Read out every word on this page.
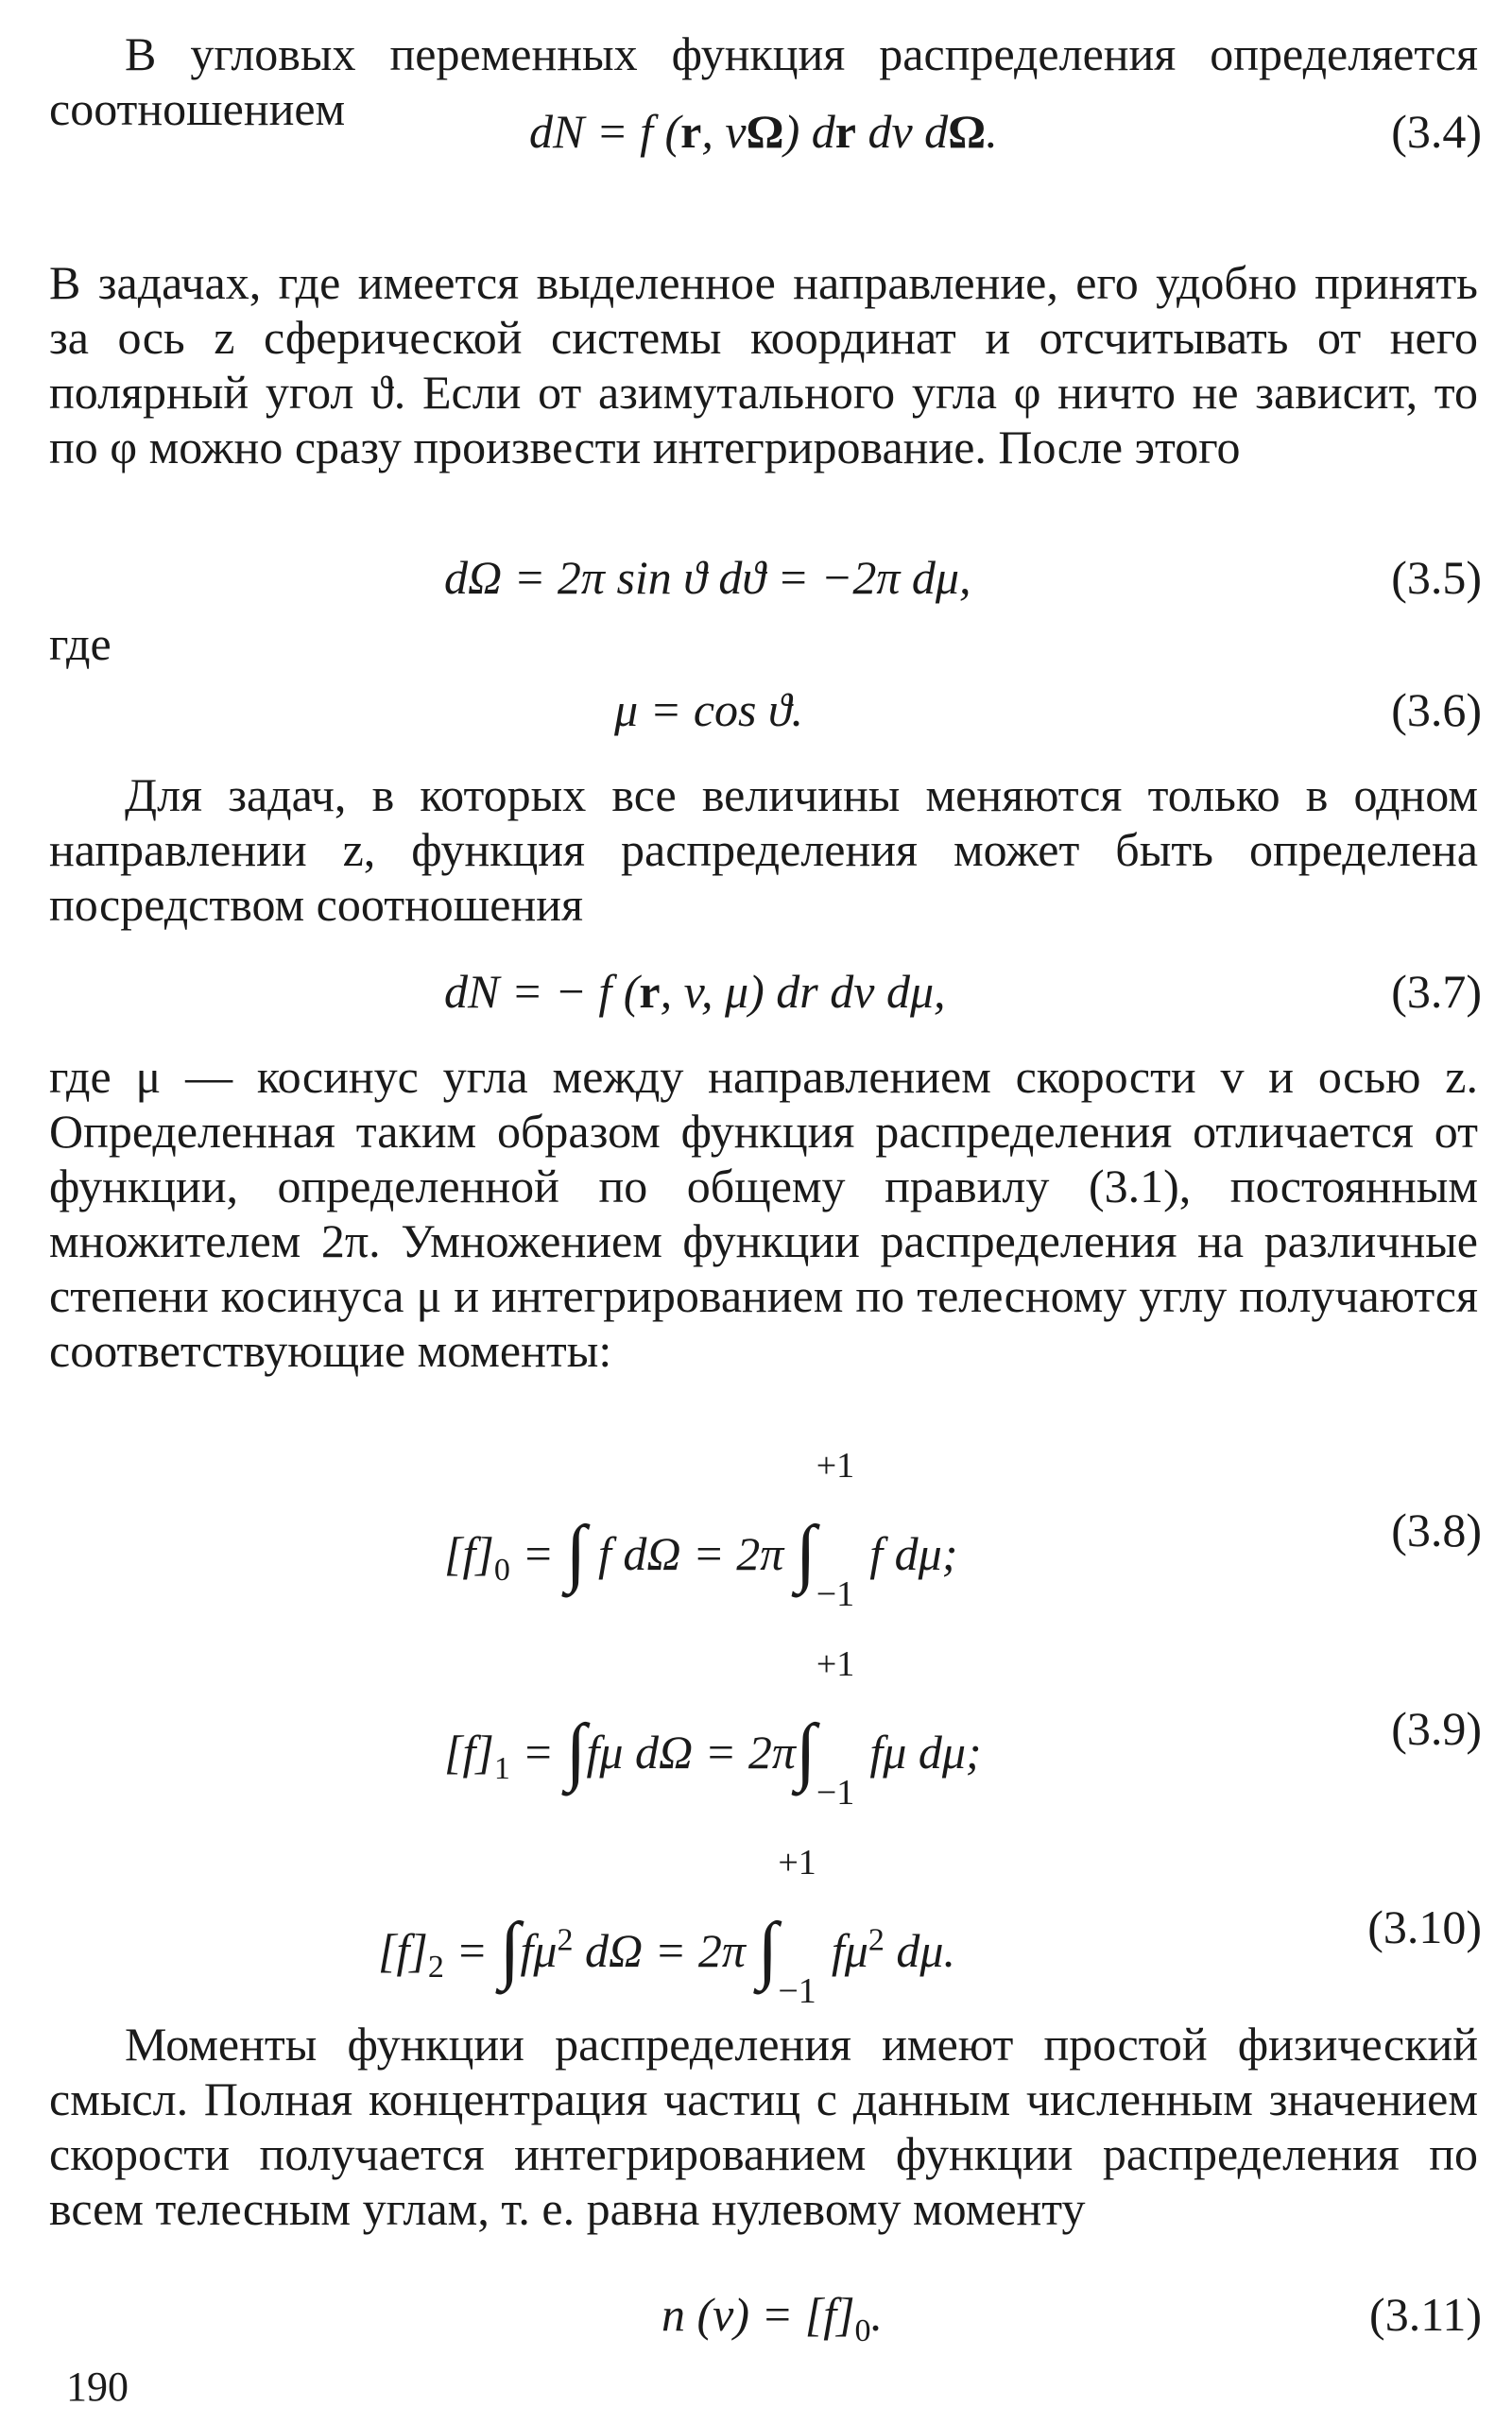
В угловых переменных функция распределения определяется соотношением	dN = f (r, vΩ) dr dv dΩ.	(3.4)

В задачах, где имеется выделенное направление, его удобно принять за ось z сферической системы координат и отсчитывать от него полярный угол ϑ. Если от азимутального угла φ ничто не зависит, то по φ можно сразу произвести интегрирование. После этого

dΩ = 2π sin ϑ dϑ = −2π dμ,	(3.5)
где
μ = cos ϑ.	(3.6)

Для задач, в которых все величины меняются только в одном направлении z, функция распределения может быть определена посредством соотношения

dN = − f (r, v, μ) dr dv dμ,	(3.7)

где μ — косинус угла между направлением скорости v и осью z. Определенная таким образом функция распределения отличается от функции, определенной по общему правилу (3.1), постоянным множителем 2π. Умножением функции распределения на различные степени косинуса μ и интегрированием по телесному углу получаются соответствующие моменты:

$[f]_0$ = ∫ f dΩ = 2π ∫
+1
−1
f dμ;	(3.8)
$[f]_1 = \int f\mu$ dΩ = 2π∫
+1
−1
fμ dμ;	(3.9)
$[f]_2 = \int f\mu^2$ dΩ = 2π ∫
+1
−1
$f\mu^2$ dμ.	(3.10)

Моменты функции распределения имеют простой физический смысл. Полная концентрация частиц с данным численным значением скорости получается интегрированием функции распределения по всем телесным углам, т. е. равна нулевому моменту

n $(v) = [f]_0$.	(3.11)
190
